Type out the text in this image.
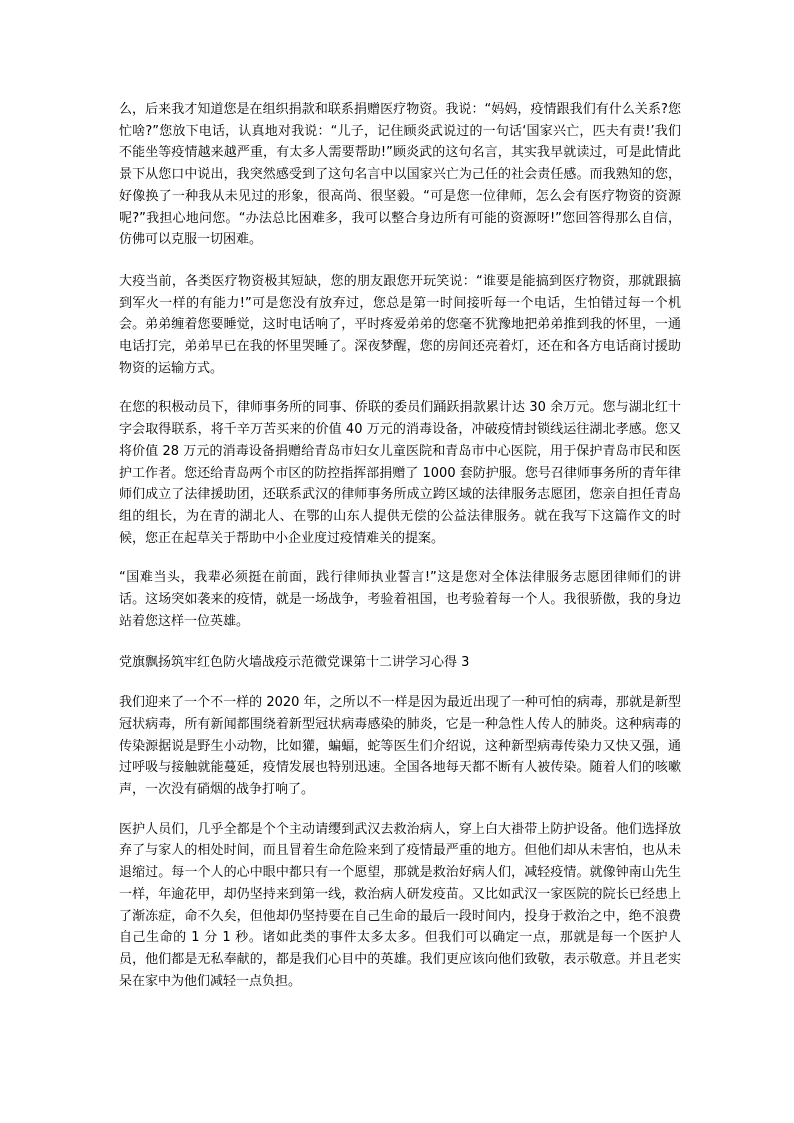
么，后来我才知道您是在组织捐款和联系捐赠医疗物资。我说：“妈妈，疫情跟我们有什么关系?您忙啥?”您放下电话，认真地对我说：“儿子，记住顾炎武说过的一句话‘国家兴亡，匹夫有责!’我们不能坐等疫情越来越严重，有太多人需要帮助!”顾炎武的这句名言，其实我早就读过，可是此情此景下从您口中说出，我突然感受到了这句名言中以国家兴亡为己任的社会责任感。而我熟知的您，好像换了一种我从未见过的形象，很高尚、很坚毅。“可是您一位律师，怎么会有医疗物资的资源呢?”我担心地问您。“办法总比困难多，我可以整合身边所有可能的资源呀!”您回答得那么自信，仿佛可以克服一切困难。

大疫当前，各类医疗物资极其短缺，您的朋友跟您开玩笑说：“谁要是能搞到医疗物资，那就跟搞到军火一样的有能力!”可是您没有放弃过，您总是第一时间接听每一个电话，生怕错过每一个机会。弟弟缠着您要睡觉，这时电话响了，平时疼爱弟弟的您毫不犹豫地把弟弟推到我的怀里，一通电话打完，弟弟早已在我的怀里哭睡了。深夜梦醒，您的房间还亮着灯，还在和各方电话商讨援助物资的运输方式。

在您的积极动员下，律师事务所的同事、侨联的委员们踊跃捐款累计达 30 余万元。您与湖北红十字会取得联系，将千辛万苦买来的价值 40 万元的消毒设备，冲破疫情封锁线运往湖北孝感。您又将价值 28 万元的消毒设备捐赠给青岛市妇女儿童医院和青岛市中心医院，用于保护青岛市民和医护工作者。您还给青岛两个市区的防控指挥部捐赠了 1000 套防护服。您号召律师事务所的青年律师们成立了法律援助团，还联系武汉的律师事务所成立跨区域的法律服务志愿团，您亲自担任青岛组的组长，为在青的湖北人、在鄂的山东人提供无偿的公益法律服务。就在我写下这篇作文的时候，您正在起草关于帮助中小企业度过疫情难关的提案。

“国难当头，我辈必须挺在前面，践行律师执业誓言!”这是您对全体法律服务志愿团律师们的讲话。这场突如袭来的疫情，就是一场战争，考验着祖国，也考验着每一个人。我很骄傲，我的身边站着您这样一位英雄。

党旗飘扬筑牢红色防火墙战疫示范微党课第十二讲学习心得 3

我们迎来了一个不一样的 2020 年，之所以不一样是因为最近出现了一种可怕的病毒，那就是新型冠状病毒，所有新闻都围绕着新型冠状病毒感染的肺炎，它是一种急性人传人的肺炎。这种病毒的传染源据说是野生小动物，比如獾，蝙蝠，蛇等医生们介绍说，这种新型病毒传染力又快又强，通过呼吸与接触就能蔓延，疫情发展也特别迅速。全国各地每天都不断有人被传染。随着人们的咳嗽声，一次没有硝烟的战争打响了。

医护人员们，几乎全都是个个主动请缨到武汉去救治病人，穿上白大褂带上防护设备。他们选择放弃了与家人的相处时间，而且冒着生命危险来到了疫情最严重的地方。但他们却从未害怕，也从未退缩过。每一个人的心中眼中都只有一个愿望，那就是救治好病人们，减轻疫情。就像钟南山先生一样，年逾花甲，却仍坚持来到第一线，救治病人研发疫苗。又比如武汉一家医院的院长已经患上了渐冻症，命不久矣，但他却仍坚持要在自己生命的最后一段时间内，投身于救治之中，绝不浪费自己生命的 1 分 1 秒。诸如此类的事件太多太多。但我们可以确定一点，那就是每一个医护人员，他们都是无私奉献的，都是我们心目中的英雄。我们更应该向他们致敬，表示敬意。并且老实呆在家中为他们减轻一点负担。
